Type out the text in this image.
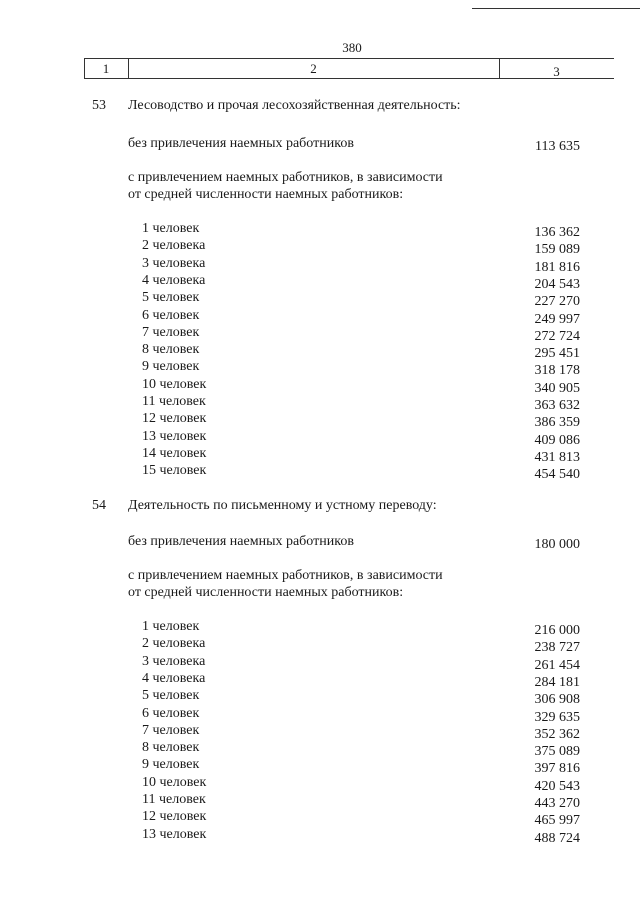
380
1	2	3
53 Лесоводство и прочая лесохозяйственная деятельность:
без привлечения наемных работников	113 635
с привлечением наемных работников, в зависимости
от средней численности наемных работников:
1 человек	136 362
2 человека	159 089
3 человека	181 816
4 человека	204 543
5 человек	227 270
6 человек	249 997
7 человек	272 724
8 человек	295 451
9 человек	318 178
10 человек	340 905
11 человек	363 632
12 человек	386 359
13 человек	409 086
14 человек	431 813
15 человек	454 540
54 Деятельность по письменному и устному переводу:
без привлечения наемных работников	180 000
с привлечением наемных работников, в зависимости
от средней численности наемных работников:
1 человек	216 000
2 человека	238 727
3 человека	261 454
4 человека	284 181
5 человек	306 908
6 человек	329 635
7 человек	352 362
8 человек	375 089
9 человек	397 816
10 человек	420 543
11 человек	443 270
12 человек	465 997
13 человек	488 724
